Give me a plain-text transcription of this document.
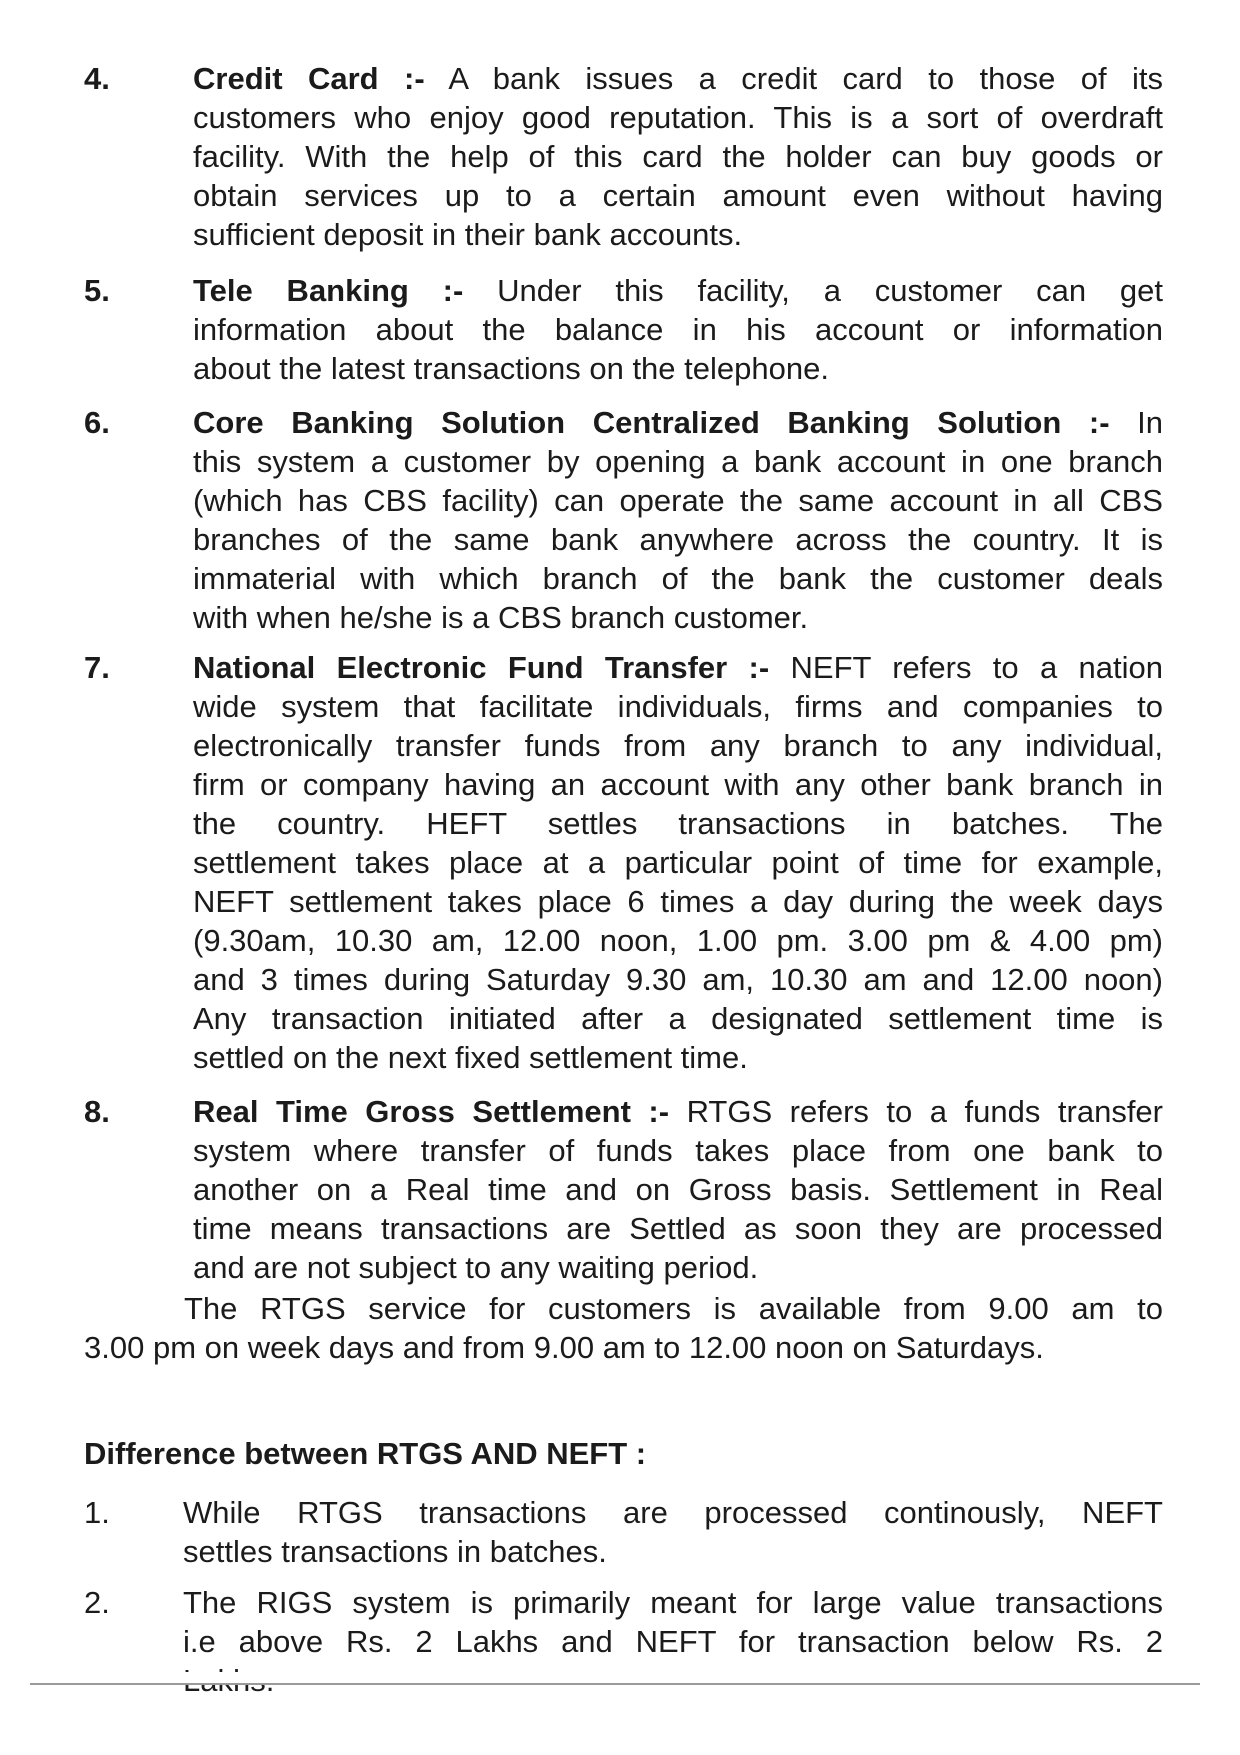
4.	Credit Card :- A bank issues a credit card to those of its
customers who enjoy good reputation. This is a sort of overdraft
facility. With the help of this card the holder can buy goods or
obtain services up to a certain amount even without having
sufficient deposit in their bank accounts.
5.	Tele Banking :- Under this facility, a customer can get
information about the balance in his account or information
about the latest transactions on the telephone.
6.	Core Banking Solution Centralized Banking Solution :- In
this system a customer by opening a bank account in one branch
(which has CBS facility) can operate the same account in all CBS
branches of the same bank anywhere across the country. It is
immaterial with which branch of the bank the customer deals
with when he/she is a CBS branch customer.
7.	National Electronic Fund Transfer :- NEFT refers to a nation
wide system that facilitate individuals, firms and companies to
electronically transfer funds from any branch to any individual,
firm or company having an account with any other bank branch in
the country. HEFT settles transactions in batches. The
settlement takes place at a particular point of time for example,
NEFT settlement takes place 6 times a day during the week days
(9.30am, 10.30 am, 12.00 noon, 1.00 pm. 3.00 pm & 4.00 pm)
and 3 times during Saturday 9.30 am, 10.30 am and 12.00 noon)
Any transaction initiated after a designated settlement time is
settled on the next fixed settlement time.
8.	Real Time Gross Settlement :- RTGS refers to a funds transfer
system where transfer of funds takes place from one bank to
another on a Real time and on Gross basis. Settlement in Real
time means transactions are Settled as soon they are processed
and are not subject to any waiting period.
The RTGS service for customers is available from 9.00 am to
3.00 pm on week days and from 9.00 am to 12.00 noon on Saturdays.
Difference between RTGS AND NEFT :
1. While RTGS transactions are processed continously, NEFT
settles transactions in batches.
2. The RIGS system is primarily meant for large value transactions
i.e above Rs. 2 Lakhs and NEFT for transaction below Rs. 2
